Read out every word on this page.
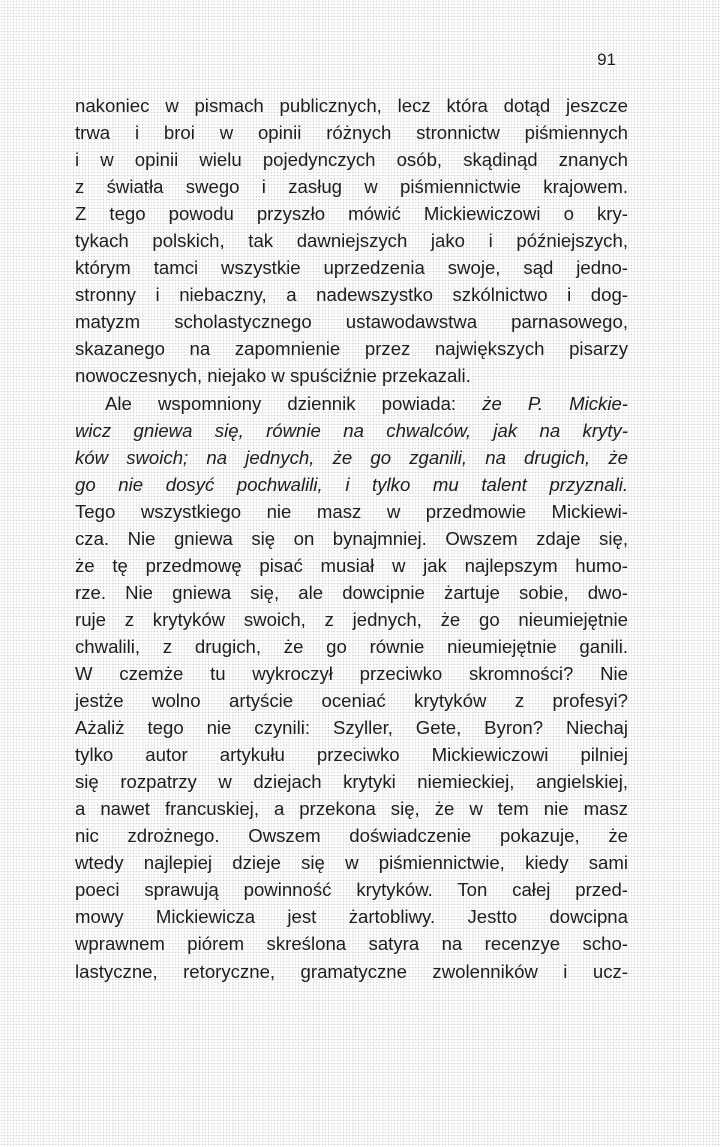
91
nakoniec w pismach publicznych, lecz która dotąd jeszcze
trwa i broi w opinii różnych stronnictw piśmiennych
i w opinii wielu pojedynczych osób, skądinąd znanych
z światła swego i zasług w piśmiennictwie krajowem.
Z tego powodu przyszło mówić Mickiewiczowi o kry-
tykach polskich, tak dawniejszych jako i późniejszych,
którym tamci wszystkie uprzedzenia swoje, sąd jedno-
stronny i niebaczny, a nadewszystko szkólnictwo i dog-
matyzm scholastycznego ustawodawstwa parnasowego,
skazanego na zapomnienie przez największych pisarzy
nowoczesnych, niejako w spuściźnie przekazali.
Ale wspomniony dziennik powiada: że P. Mickie-
wicz gniewa się, równie na chwalców, jak na kryty-
ków swoich; na jednych, że go zganili, na drugich, że
go nie dosyć pochwalili, i tylko mu talent przyznali.
Tego wszystkiego nie masz w przedmowie Mickiewi-
cza. Nie gniewa się on bynajmniej. Owszem zdaje się,
że tę przedmowę pisać musiał w jak najlepszym humo-
rze. Nie gniewa się, ale dowcipnie żartuje sobie, dwo-
ruje z krytyków swoich, z jednych, że go nieumiejętnie
chwalili, z drugich, że go równie nieumiejętnie ganili.
W czemże tu wykroczył przeciwko skromności? Nie
jestże wolno artyście oceniać krytyków z profesyi?
Ażaliż tego nie czynili: Szyller, Gete, Byron? Niechaj
tylko autor artykułu przeciwko Mickiewiczowi pilniej
się rozpatrzy w dziejach krytyki niemieckiej, angielskiej,
a nawet francuskiej, a przekona się, że w tem nie masz
nic zdrożnego. Owszem doświadczenie pokazuje, że
wtedy najlepiej dzieje się w piśmiennictwie, kiedy sami
poeci sprawują powinność krytyków. Ton całej przed-
mowy Mickiewicza jest żartobliwy. Jestto dowcipna
wprawnem piórem skreślona satyra na recenzye scho-
lastyczne, retoryczne, gramatyczne zwolenników i ucz-
